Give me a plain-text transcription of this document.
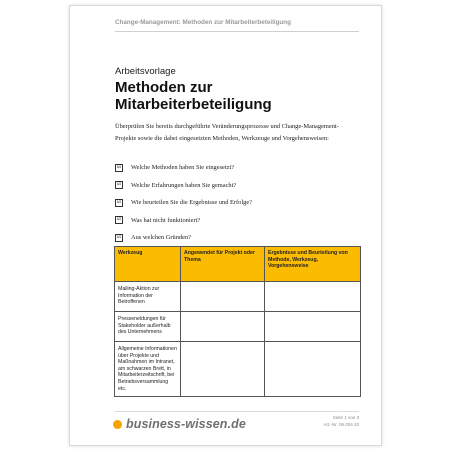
Change-Management: Methoden zur Mitarbeiterbeteiligung
Arbeitsvorlage
Methoden zur
Mitarbeiterbeteiligung
Überprüfen Sie bereits durchgeführte Veränderungsprozesse und Change-Management-Projekte sowie die dabei eingesetzten Methoden, Werkzeuge und Vorgehensweisen:
☑ Welche Methoden haben Sie eingesetzt?
☑ Welche Erfahrungen haben Sie gemacht?
☑ Wie beurteilen Sie die Ergebnisse und Erfolge?
☑ Was hat nicht funktioniert?
☑ Aus welchen Gründen?
Werkzeug	Angewendet für Projekt oder Thema	Ergebnisse und Beurteilung von Methode, Werkzeug, Vorgehensweise
Mailing-Aktion zur Information der Betroffenen		
Presseneldungen für Stakeholder außerhalb des Unternehmens		
Allgemeine Informationen über Projekte und Maßnahmen im Intranet, am schwarzen Brett, in Mitarbeiterzeitschrift, bei Betriebsversammlung etc.		
business-wissen.de	Seite 1 von 3
Art.-Nr. 06.004.10
